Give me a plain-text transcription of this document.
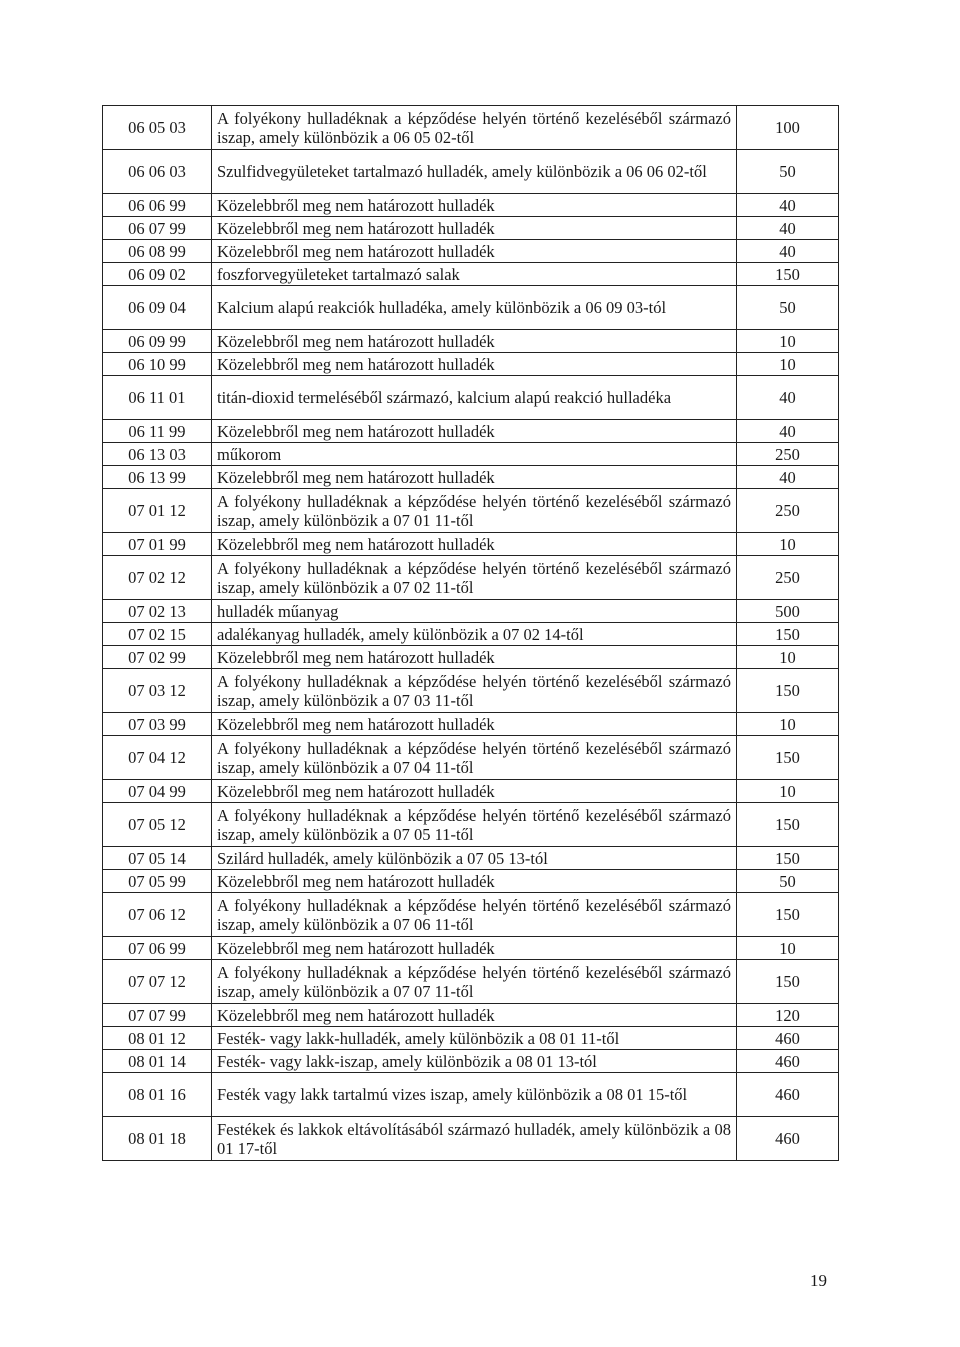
06 05 03	A folyékony hulladéknak a képződése helyén történő kezeléséből származó iszap, amely különbözik a 06 05 02-től	100
06 06 03	Szulfidvegyületeket tartalmazó hulladék, amely különbözik a 06 06 02-től	50
06 06 99	Közelebbről meg nem határozott hulladék	40
06 07 99	Közelebbről meg nem határozott hulladék	40
06 08 99	Közelebbről meg nem határozott hulladék	40
06 09 02	foszforvegyületeket tartalmazó salak	150
06 09 04	Kalcium alapú reakciók hulladéka, amely különbözik a 06 09 03-tól	50
06 09 99	Közelebbről meg nem határozott hulladék	10
06 10 99	Közelebbről meg nem határozott hulladék	10
06 11 01	titán-dioxid termeléséből származó, kalcium alapú reakció hulladéka	40
06 11 99	Közelebbről meg nem határozott hulladék	40
06 13 03	műkorom	250
06 13 99	Közelebbről meg nem határozott hulladék	40
07 01 12	A folyékony hulladéknak a képződése helyén történő kezeléséből származó iszap, amely különbözik a 07 01 11-től	250
07 01 99	Közelebbről meg nem határozott hulladék	10
07 02 12	A folyékony hulladéknak a képződése helyén történő kezeléséből származó iszap, amely különbözik a 07 02 11-től	250
07 02 13	hulladék műanyag	500
07 02 15	adalékanyag hulladék, amely különbözik a 07 02 14-től	150
07 02 99	Közelebbről meg nem határozott hulladék	10
07 03 12	A folyékony hulladéknak a képződése helyén történő kezeléséből származó iszap, amely különbözik a 07 03 11-től	150
07 03 99	Közelebbről meg nem határozott hulladék	10
07 04 12	A folyékony hulladéknak a képződése helyén történő kezeléséből származó iszap, amely különbözik a 07 04 11-től	150
07 04 99	Közelebbről meg nem határozott hulladék	10
07 05 12	A folyékony hulladéknak a képződése helyén történő kezeléséből származó iszap, amely különbözik a 07 05 11-től	150
07 05 14	Szilárd hulladék, amely különbözik a 07 05 13-tól	150
07 05 99	Közelebbről meg nem határozott hulladék	50
07 06 12	A folyékony hulladéknak a képződése helyén történő kezeléséből származó iszap, amely különbözik a 07 06 11-től	150
07 06 99	Közelebbről meg nem határozott hulladék	10
07 07 12	A folyékony hulladéknak a képződése helyén történő kezeléséből származó iszap, amely különbözik a 07 07 11-től	150
07 07 99	Közelebbről meg nem határozott hulladék	120
08 01 12	Festék- vagy lakk-hulladék, amely különbözik a 08 01 11-től	460
08 01 14	Festék- vagy lakk-iszap, amely különbözik a 08 01 13-tól	460
08 01 16	Festék vagy lakk tartalmú vizes iszap, amely különbözik a 08 01 15-től	460
08 01 18	Festékek és lakkok eltávolításából származó hulladék, amely különbözik a 08 01 17-től	460
19
